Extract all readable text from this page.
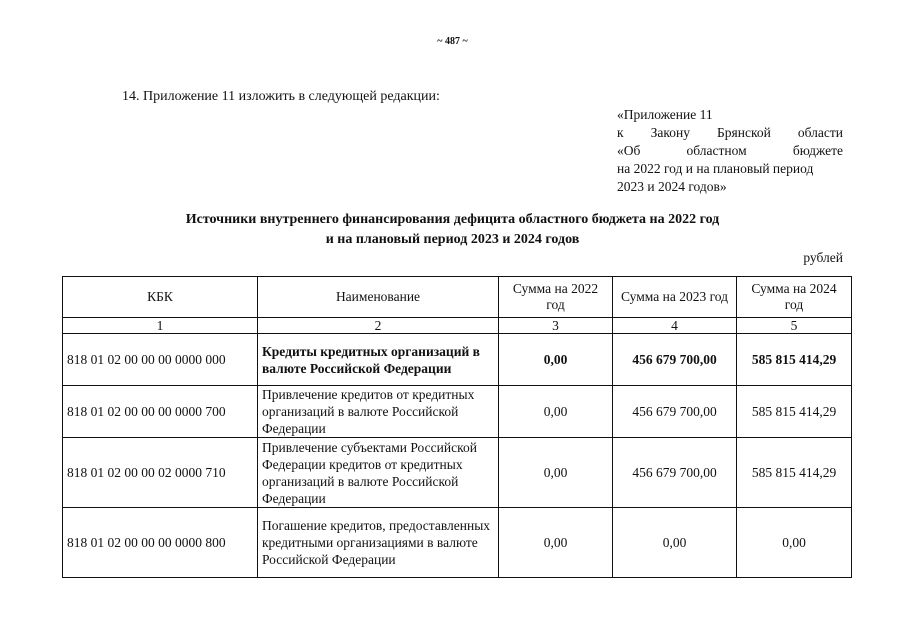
~ 487 ~
14. Приложение 11 изложить в следующей редакции:
«Приложение 11
к Закону Брянской области
«Об	областном	бюджете
на 2022 год и на плановый период
2023 и 2024 годов»
Источники внутреннего финансирования дефицита областного бюджета на 2022 год
и на плановый период 2023 и 2024 годов
рублей
КБК	Наименование	Сумма на 2022 год	Сумма на 2023 год	Сумма на 2024 год
1	2	3	4	5
818 01 02 00 00 00 0000 000	Кредиты кредитных организаций в валюте Российской Федерации	0,00	456 679 700,00	585 815 414,29
818 01 02 00 00 00 0000 700	Привлечение кредитов от кредитных организаций в валюте Российской Федерации	0,00	456 679 700,00	585 815 414,29
818 01 02 00 00 02 0000 710	Привлечение субъектами Российской Федерации кредитов от кредитных организаций в валюте Российской Федерации	0,00	456 679 700,00	585 815 414,29
818 01 02 00 00 00 0000 800	Погашение кредитов, предоставленных кредитными организациями в валюте Российской Федерации	0,00	0,00	0,00
